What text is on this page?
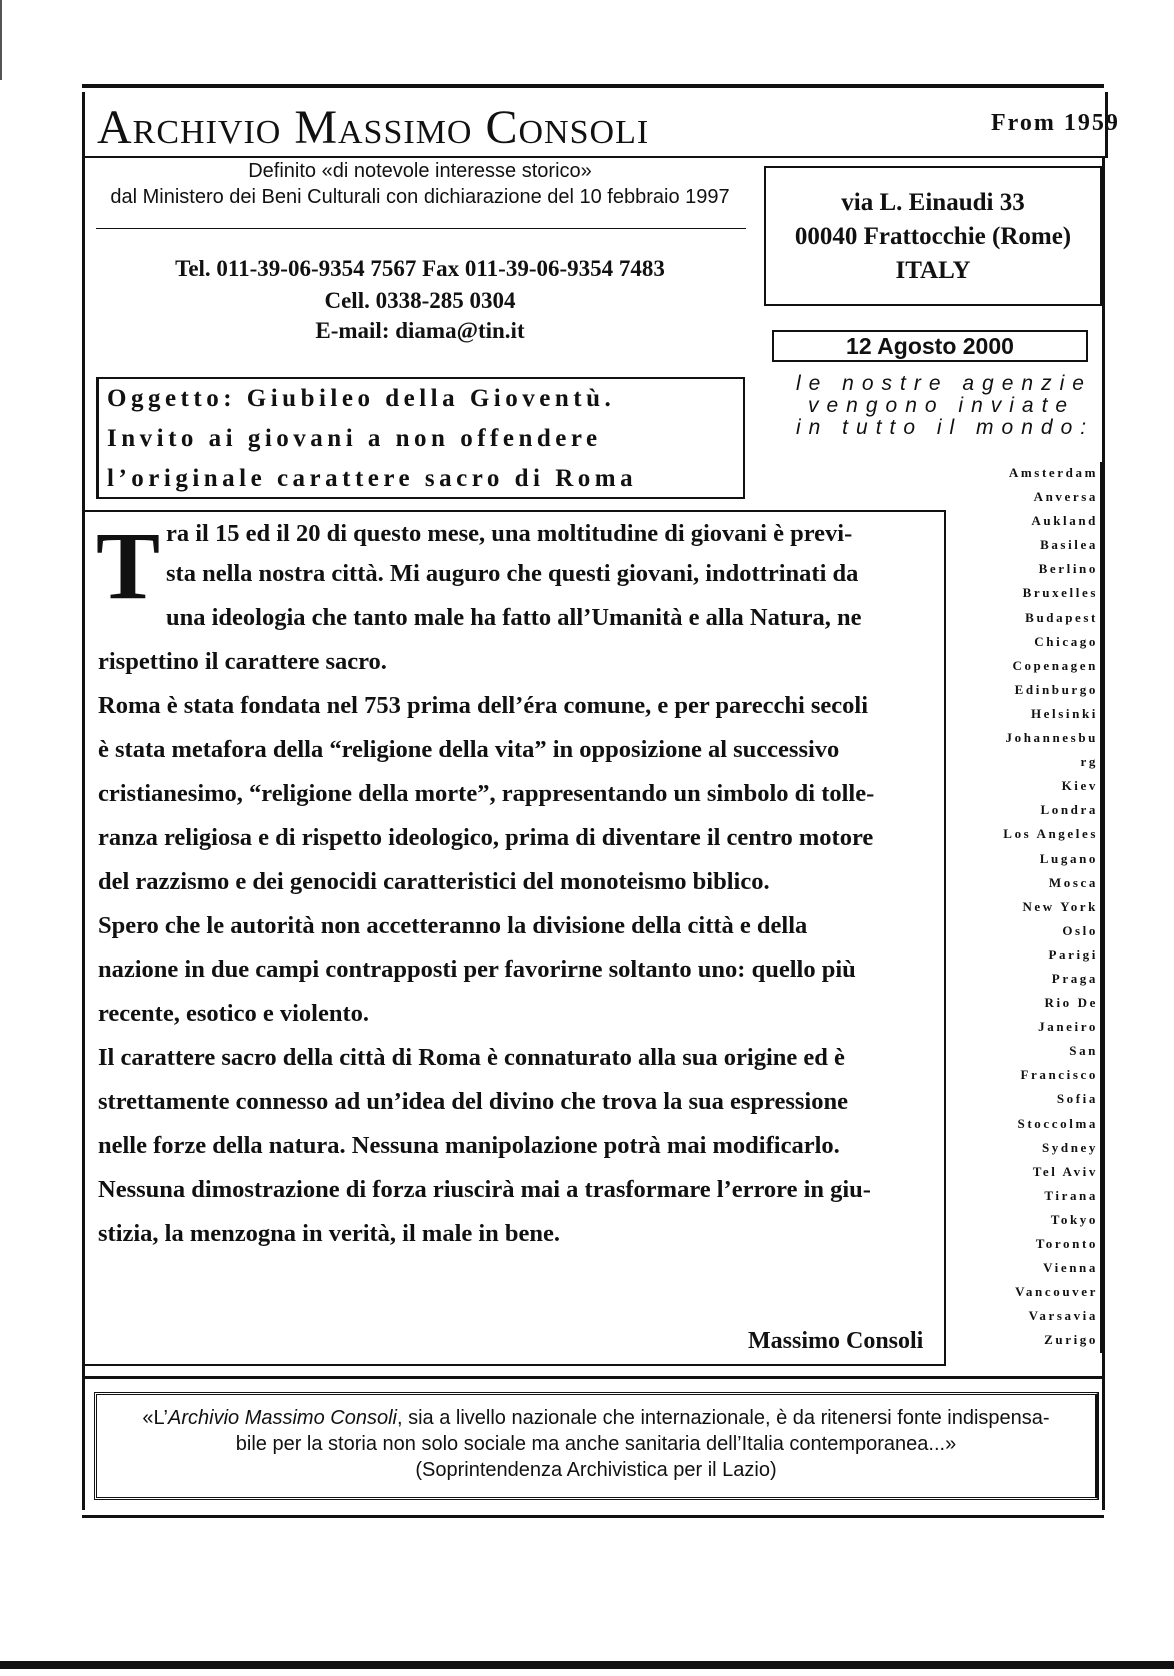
Archivio Massimo Consoli	From 1959
Definito «di notevole interesse storico»
dal Ministero dei Beni Culturali con dichiarazione del 10 febbraio 1997
Tel. 011-39-06-9354 7567 Fax 011-39-06-9354 7483
Cell. 0338-285 0304
E-mail: diama@tin.it
via L. Einaudi 33
00040 Frattocchie (Rome)
ITALY
12 Agosto 2000
le nostre agenzie
vengono inviate
in tutto il mondo:
Oggetto: Giubileo della Gioventù.
Invito ai giovani a non offendere
l’originale carattere sacro di Roma	Amsterdam
Anversa
Aukland
Basilea
Berlino
Bruxelles
Budapest
Chicago
Copenagen
Edinburgo
Helsinki
Johannesbu
rg
Kiev
Londra
Los Angeles
Lugano
Mosca
New York
Oslo
Parigi
Praga
Rio De
Janeiro
San
Francisco
Sofia
Stoccolma
Sydney
Tel Aviv
Tirana
Tokyo
Toronto
Vienna
Vancouver
Varsavia
Zurigo
T ra il 15 ed il 20 di questo mese, una moltitudine di giovani è previ-
sta nella nostra città. Mi auguro che questi giovani, indottrinati da
una ideologia che tanto male ha fatto all’Umanità e alla Natura, ne
rispettino il carattere sacro.
Roma è stata fondata nel 753 prima dell’éra comune, e per parecchi secoli
è stata metafora della “religione della vita” in opposizione al successivo
cristianesimo, “religione della morte”, rappresentando un simbolo di tolle-
ranza religiosa e di rispetto ideologico, prima di diventare il centro motore
del razzismo e dei genocidi caratteristici del monoteismo biblico.
Spero che le autorità non accetteranno la divisione della città e della
nazione in due campi contrapposti per favorirne soltanto uno: quello più
recente, esotico e violento.
Il carattere sacro della città di Roma è connaturato alla sua origine ed è
strettamente connesso ad un’idea del divino che trova la sua espressione
nelle forze della natura. Nessuna manipolazione potrà mai modificarlo.
Nessuna dimostrazione di forza riuscirà mai a trasformare l’errore in giu-
stizia, la menzogna in verità, il male in bene.
Massimo Consoli
«L’Archivio Massimo Consoli, sia a livello nazionale che internazionale, è da ritenersi fonte indispensa-
bile per la storia non solo sociale ma anche sanitaria dell’Italia contemporanea...»
(Soprintendenza Archivistica per il Lazio)
